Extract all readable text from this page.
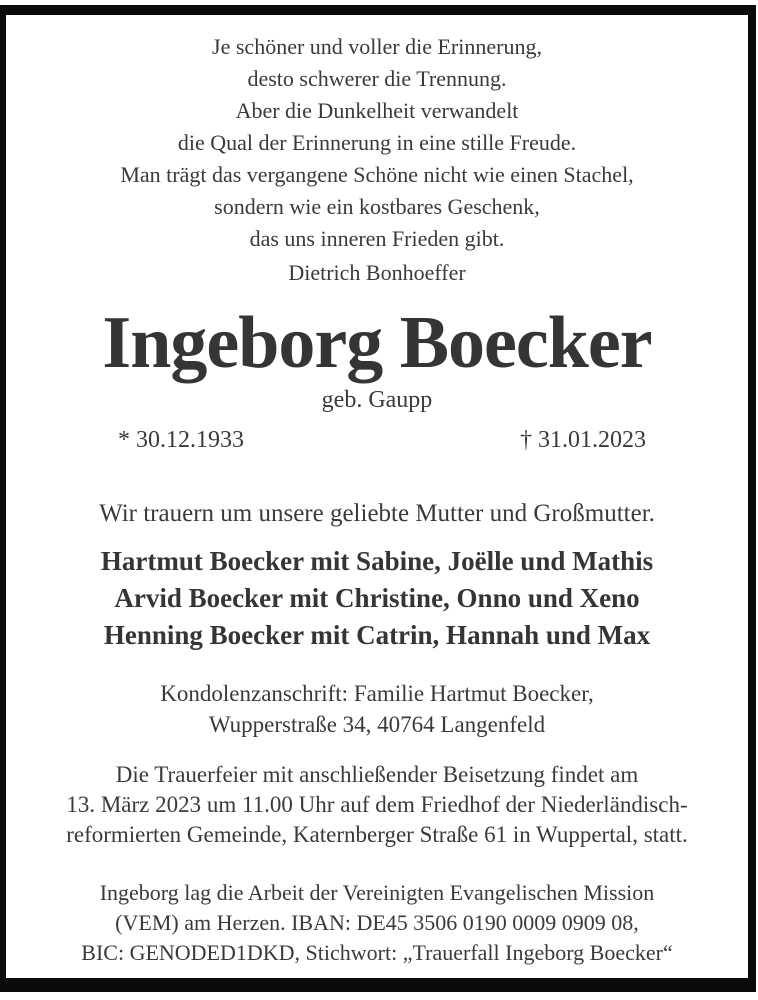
Je schöner und voller die Erinnerung,
desto schwerer die Trennung.
Aber die Dunkelheit verwandelt
die Qual der Erinnerung in eine stille Freude.
Man trägt das vergangene Schöne nicht wie einen Stachel,
sondern wie ein kostbares Geschenk,
das uns inneren Frieden gibt.
Dietrich Bonhoeffer
Ingeborg Boecker
geb. Gaupp
* 30.12.1933	† 31.01.2023
Wir trauern um unsere geliebte Mutter und Großmutter.
Hartmut Boecker mit Sabine, Joëlle und Mathis
Arvid Boecker mit Christine, Onno und Xeno
Henning Boecker mit Catrin, Hannah und Max
Kondolenzanschrift: Familie Hartmut Boecker,
Wupperstraße 34, 40764 Langenfeld
Die Trauerfeier mit anschließender Beisetzung findet am
13. März 2023 um 11.00 Uhr auf dem Friedhof der Niederländisch-
reformierten Gemeinde, Katernberger Straße 61 in Wuppertal, statt.
Ingeborg lag die Arbeit der Vereinigten Evangelischen Mission
(VEM) am Herzen. IBAN: DE45 3506 0190 0009 0909 08,
BIC: GENODED1DKD, Stichwort: „Trauerfall Ingeborg Boecker“
